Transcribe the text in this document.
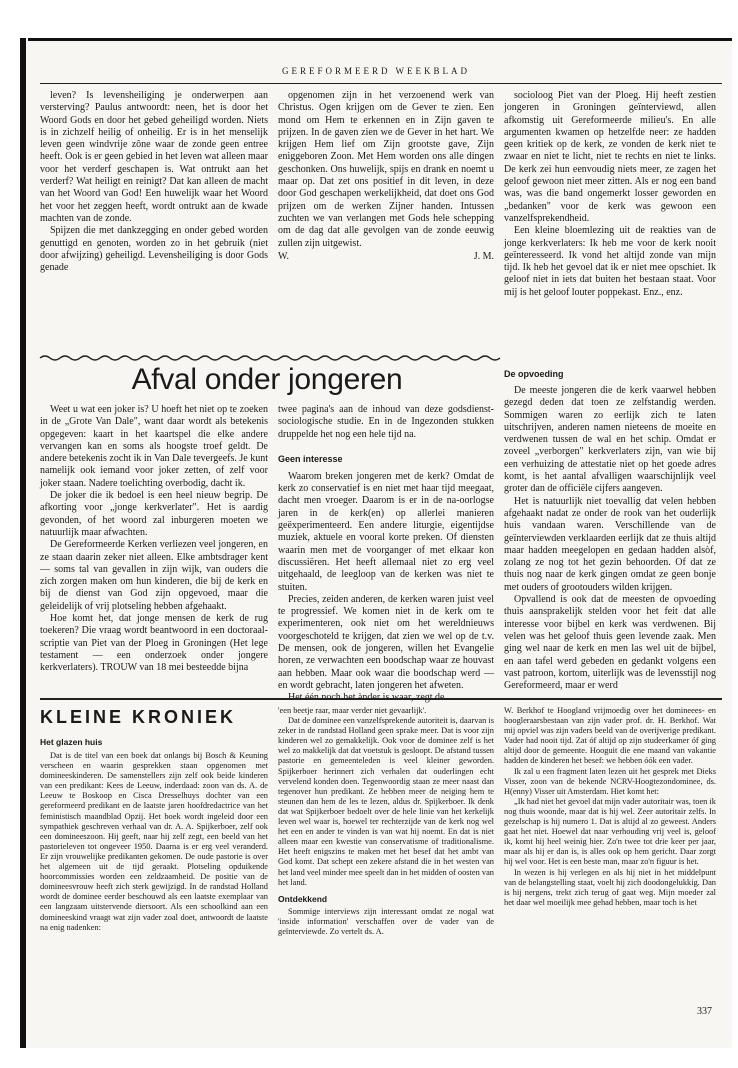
GEREFORMEERD WEEKBLAD

leven? Is levensheiliging je onderwerpen aan versterving? Paulus antwoordt: neen, het is door het Woord Gods en door het gebed geheiligd worden. Niets is in zichzelf heilig of onheilig. Er is in het menselijk leven geen windvrije zône waar de zonde geen entree heeft. Ook is er geen gebied in het leven wat alleen maar voor het verderf geschapen is. Wat ontrukt aan het verderf? Wat heiligt en reinigt? Dat kan alleen de macht van het Woord van God! Een huwelijk waar het Woord het voor het zeggen heeft, wordt ontrukt aan de kwade machten van de zonde.

Spijzen die met dankzegging en onder gebed worden genuttigd en genoten, worden zo in het gebruik (niet door afwijzing) geheiligd. Levensheiliging is door Gods genade

opgenomen zijn in het verzoenend werk van Christus. Ogen krijgen om de Gever te zien. Een mond om Hem te erkennen en in Zijn gaven te prijzen. In de gaven zien we de Gever in het hart. We krijgen Hem lief om Zijn grootste gave, Zijn eniggeboren Zoon. Met Hem worden ons alle dingen geschonken. Ons huwelijk, spijs en drank en noemt u maar op. Dat zet ons positief in dit leven, in deze door God geschapen werkelijkheid, dat doet ons God prijzen om de werken Zijner handen. Intussen zuchten we van verlangen met Gods hele schepping om de dag dat alle gevolgen van de zonde eeuwig zullen zijn uitgewist.

W.	J. M.

socioloog Piet van der Ploeg. Hij heeft zestien jongeren in Groningen geïnterviewd, allen afkomstig uit Gereformeerde milieu's. En alle argumenten kwamen op hetzelfde neer: ze hadden geen kritiek op de kerk, ze vonden de kerk niet te zwaar en niet te licht, niet te rechts en niet te links. De kerk zei hun eenvoudig niets meer, ze zagen het geloof gewoon niet meer zitten. Als er nog een band was, was die band ongemerkt losser geworden en „bedanken" voor de kerk was gewoon een vanzelfsprekendheid.

Een kleine bloemlezing uit de reakties van de jonge kerkverlaters: Ik heb me voor de kerk nooit geïnteresseerd. Ik vond het altijd zonde van mijn tijd. Ik heb het gevoel dat ik er niet mee opschiet. Ik geloof niet in iets dat buiten het bestaan staat. Voor mij is het geloof louter poppekast. Enz., enz.

Afval onder jongeren

Weet u wat een joker is? U hoeft het niet op te zoeken in de „Grote Van Dale", want daar wordt als betekenis opgegeven: kaart in het kaartspel die elke andere vervangen kan en soms als hoogste troef geldt. De andere betekenis zocht ik in Van Dale tevergeefs. Je kunt namelijk ook iemand voor joker zetten, of zelf voor joker staan. Nadere toelichting overbodig, dacht ik.

De joker die ik bedoel is een heel nieuw begrip. De afkorting voor „jonge kerkverlater". Het is aardig gevonden, of het woord zal inburgeren moeten we natuurlijk maar afwachten.

De Gereformeerde Kerken verliezen veel jongeren, en ze staan daarin zeker niet alleen. Elke ambtsdrager kent — soms tal van gevallen in zijn wijk, van ouders die zich zorgen maken om hun kinderen, die bij de kerk en bij de dienst van God zijn opgevoed, maar die geleidelijk of vrij plotseling hebben afgehaakt.

Hoe komt het, dat jonge mensen de kerk de rug toekeren? Die vraag wordt beantwoord in een doctoraal-scriptie van Piet van der Ploeg in Groningen (Het lege testament — een onderzoek onder jongere kerkverlaters). TROUW van 18 mei besteedde bijna

twee pagina's aan de inhoud van deze godsdienst-sociologische studie. En in de Ingezonden stukken druppelde het nog een hele tijd na.

Geen interesse

Waarom breken jongeren met de kerk? Omdat de kerk zo conservatief is en niet met haar tijd meegaat, dacht men vroeger. Daarom is er in de na-oorlogse jaren in de kerk(en) op allerlei manieren geëxperimenteerd. Een andere liturgie, eigentijdse muziek, aktuele en vooral korte preken. Of diensten waarin men met de voorganger of met elkaar kon discussiëren. Het heeft allemaal niet zo erg veel uitgehaald, de leegloop van de kerken was niet te stuiten.

Precies, zeiden anderen, de kerken waren juist veel te progressief. We komen niet in de kerk om te experimenteren, ook niet om het wereldnieuws voorgeschoteld te krijgen, dat zien we wel op de t.v. De mensen, ook de jongeren, willen het Evangelie horen, ze verwachten een boodschap waar ze houvast aan hebben. Maar ook waar die boodschap werd — en wordt gebracht, laten jongeren het afweten.

De opvoeding

De meeste jongeren die de kerk vaarwel hebben gezegd deden dat toen ze zelfstandig werden. Sommigen waren zo eerlijk zich te laten uitschrijven, anderen namen nieteens de moeite en verdwenen tussen de wal en het schip. Omdat er zoveel „verborgen" kerkverlaters zijn, van wie bij een verhuizing de attestatie niet op het goede adres komt, is het aantal afvalligen waarschijnlijk veel groter dan de officiële cijfers aangeven.

Het is natuurlijk niet toevallig dat velen hebben afgehaakt nadat ze onder de rook van het ouderlijk huis vandaan waren. Verschillende van de geïnterviewden verklaarden eerlijk dat ze thuis altijd maar hadden meegelopen en gedaan hadden alsòf, zolang ze nog tot het gezin behoorden. Of dat ze thuis nog naar de kerk gingen omdat ze geen bonje met ouders of grootouders wilden krijgen.

Opvallend is ook dat de meesten de opvoeding thuis aansprakelijk stelden voor het feit dat alle interesse voor bijbel en kerk was verdwenen. Bij velen was het geloof thuis geen levende zaak. Men ging wel naar de kerk en men las wel uit de bijbel, en aan tafel werd gebeden en gedankt volgens een vast patroon, kortom, uiterlijk was de levensstijl nog Gereformeerd, maar er werd

KLEINE KRONIEK
Het glazen huis

Dat is de titel van een boek dat onlangs bij Bosch & Keuning verscheen en waarin gesprekken staan opgenomen met domineeskinderen. De samenstellers zijn zelf ook beide kinderen van een predikant: Kees de Leeuw, inderdaad: zoon van ds. A. de Leeuw te Boskoop en Cisca Dresselhuys dochter van een gereformeerd predikant en de laatste jaren hoofdredactrice van het feministisch maandblad Opzij. Het boek wordt ingeleid door een sympathiek geschreven verhaal van dr. A. A. Spijkerboer, zelf ook een domineeszoon. Hij geeft, naar hij zelf zegt, een beeld van het pastorieleven tot ongeveer 1950. Daarna is er erg veel veranderd. Er zijn vrouwelijke predikanten gekomen. De oude pastorie is over het algemeen uit de tijd geraakt. Plotseling opduikende hoorcommissies worden een zeldzaamheid. De positie van de domineesvrouw heeft zich sterk gewijzigd. In de randstad Holland wordt de dominee eerder beschouwd als een laatste exemplaar van een langzaam uitstervende diersoort. Als een schoolkind aan een domineeskind vraagt wat zijn vader zoal doet, antwoordt de laatste na enig nadenken:

'een beetje raar, maar verder niet gevaarlijk'.

Dat de dominee een vanzelfsprekende autoriteit is, daarvan is zeker in de randstad Holland geen sprake meer. Dat is voor zijn kinderen wel zo gemakkelijk. Ook voor de dominee zelf is het wel zo makkelijk dat dat voetstuk is gesloopt. De afstand tussen pastorie en gemeenteleden is veel kleiner geworden. Spijkerboer herinnert zich verhalen dat ouderlingen echt vervelend konden doen. Tegenwoordig staan ze meer naast dan tegenover hun predikant. Ze hebben meer de neiging hem te steunen dan hem de les te lezen, aldus dr. Spijkerboer. Ik denk dat wat Spijkerboer bedoelt over de hele linie van het kerkelijk leven wel waar is, hoewel ter rechterzijde van de kerk nog wel het een en ander te vinden is van wat hij noemt. En dat is niet alleen maar een kwestie van conservatisme of traditionalisme. Het heeft enigszins te maken met het besef dat het ambt van God komt. Dat schept een zekere afstand die in het westen van het land veel minder mee speelt dan in het midden of oosten van het land.

Ontdekkend

Sommige interviews zijn interessant omdat ze nogal wat 'inside information' verschaffen over de vader van de geïnterviewde. Zo vertelt ds. A.

W. Berkhof te Hoogland vrijmoedig over het domineees- en hoogleraarsbestaan van zijn vader prof. dr. H. Berkhof. Wat mij opviel was zijn vaders beeld van de overijverige predikant. Vader had nooit tijd. Zat óf altijd op zijn studeerkamer óf ging altijd door de gemeente. Hooguit die ene maand van vakantie hadden de kinderen het besef: we hebben óók een vader.

Ik zal u een fragment laten lezen uit het gesprek met Dieks Visser, zoon van de bekende NCRV-Hoogtezondominee, ds. H(enny) Visser uit Amsterdam. Hiet komt het:

„Ik had niet het gevoel dat mijn vader autoritair was, toen ik nog thuis woonde, maar dat is hij wel. Zeer autoritair zelfs. In gezelschap is hij numero 1. Dat is altijd al zo geweest. Anders gaat het niet. Hoewel dat naar verhouding vrij veel is, geloof ik, komt hij heel weinig hier. Zo'n twee tot drie keer per jaar, maar als hij er dan is, is alles ook op hem gericht. Daar zorgt hij wel voor. Het is een beste man, maar zo'n figuur is het.

In wezen is hij verlegen en als hij niet in het middelpunt van de belangstelling staat, voelt hij zich doodongelukkig. Dan is hij nergens, trekt zich terug of gaat weg. Mijn moeder zal het daar wel moeilijk mee gehad hebben, maar toch is het

337
